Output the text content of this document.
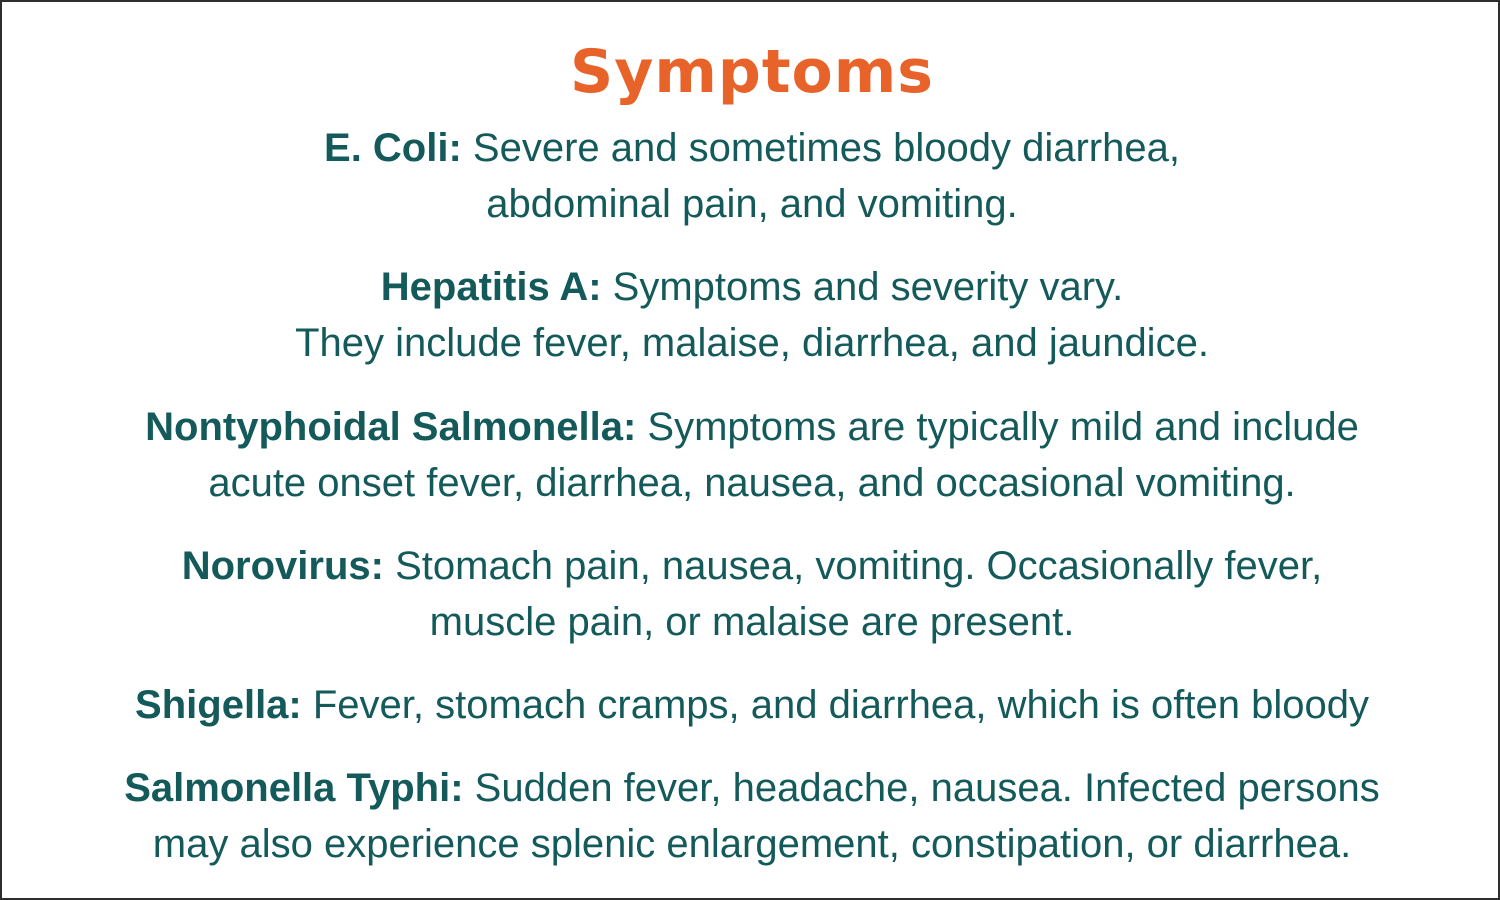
Symptoms
E. Coli: Severe and sometimes bloody diarrhea,
abdominal pain, and vomiting.
Hepatitis A: Symptoms and severity vary.
They include fever, malaise, diarrhea, and jaundice.
Nontyphoidal Salmonella: Symptoms are typically mild and include
acute onset fever, diarrhea, nausea, and occasional vomiting.
Norovirus: Stomach pain, nausea, vomiting. Occasionally fever,
muscle pain, or malaise are present.
Shigella: Fever, stomach cramps, and diarrhea, which is often bloody
Salmonella Typhi: Sudden fever, headache, nausea. Infected persons
may also experience splenic enlargement, constipation, or diarrhea.
